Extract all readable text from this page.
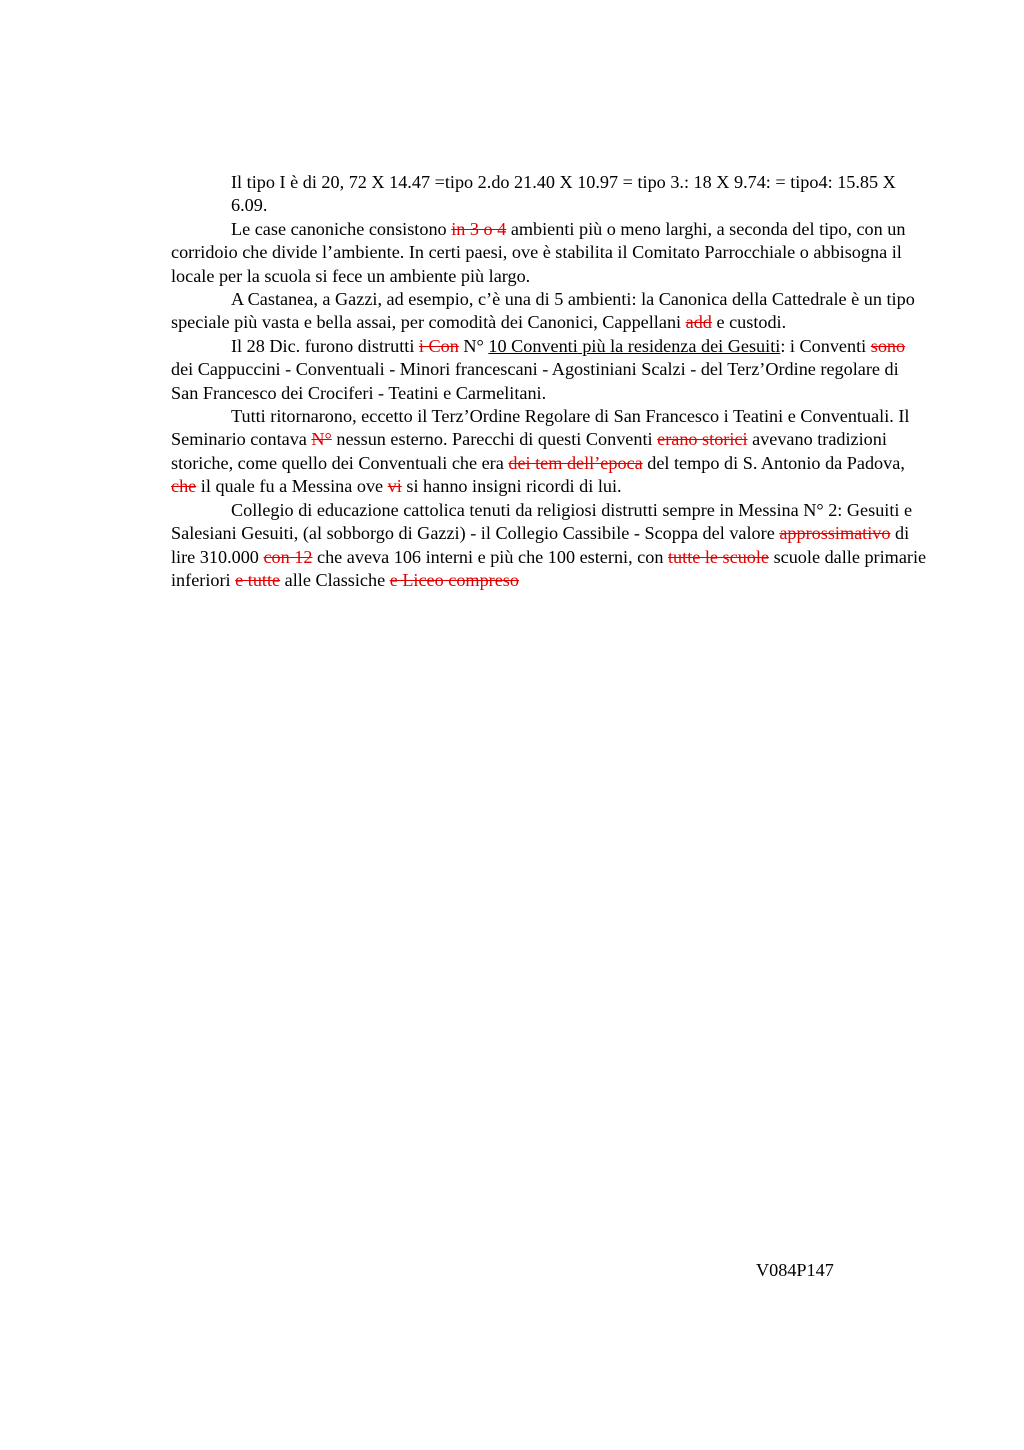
Il tipo I è di 20, 72 X 14.47 =tipo 2.do 21.40 X 10.97 = tipo 3.: 18 X 9.74: = tipo4: 15.85 X 6.09.

Le case canoniche consistono in 3 o 4 ambienti più o meno larghi, a seconda del tipo, con un corridoio che divide l’ambiente. In certi paesi, ove è stabilita il Comitato Parrocchiale o abbisogna il locale per la scuola si fece un ambiente più largo.

A Castanea, a Gazzi, ad esempio, c’è una di 5 ambienti: la Canonica della Cattedrale è un tipo speciale più vasta e bella assai, per comodità dei Canonici, Cappellani add e custodi.

Il 28 Dic. furono distrutti i Con N° 10 Conventi più la residenza dei Gesuiti: i Conventi sono dei Cappuccini - Conventuali - Minori francescani - Agostiniani Scalzi - del Terz’Ordine regolare di San Francesco dei Crociferi - Teatini e Carmelitani.

Tutti ritornarono, eccetto il Terz’Ordine Regolare di San Francesco i Teatini e Conventuali. Il Seminario contava N° nessun esterno. Parecchi di questi Conventi erano storici avevano tradizioni storiche, come quello dei Conventuali che era dei tem dell’epoca del tempo di S. Antonio da Padova, che il quale fu a Messina ove vi si hanno insigni ricordi di lui.

Collegio di educazione cattolica tenuti da religiosi distrutti sempre in Messina N° 2: Gesuiti e Salesiani Gesuiti, (al sobborgo di Gazzi) - il Collegio Cassibile - Scoppa del valore approssimativo di lire 310.000 con 12 che aveva 106 interni e più che 100 esterni, con tutte le scuole scuole dalle primarie inferiori e tutte alle Classiche e Liceo compreso

V084P147
